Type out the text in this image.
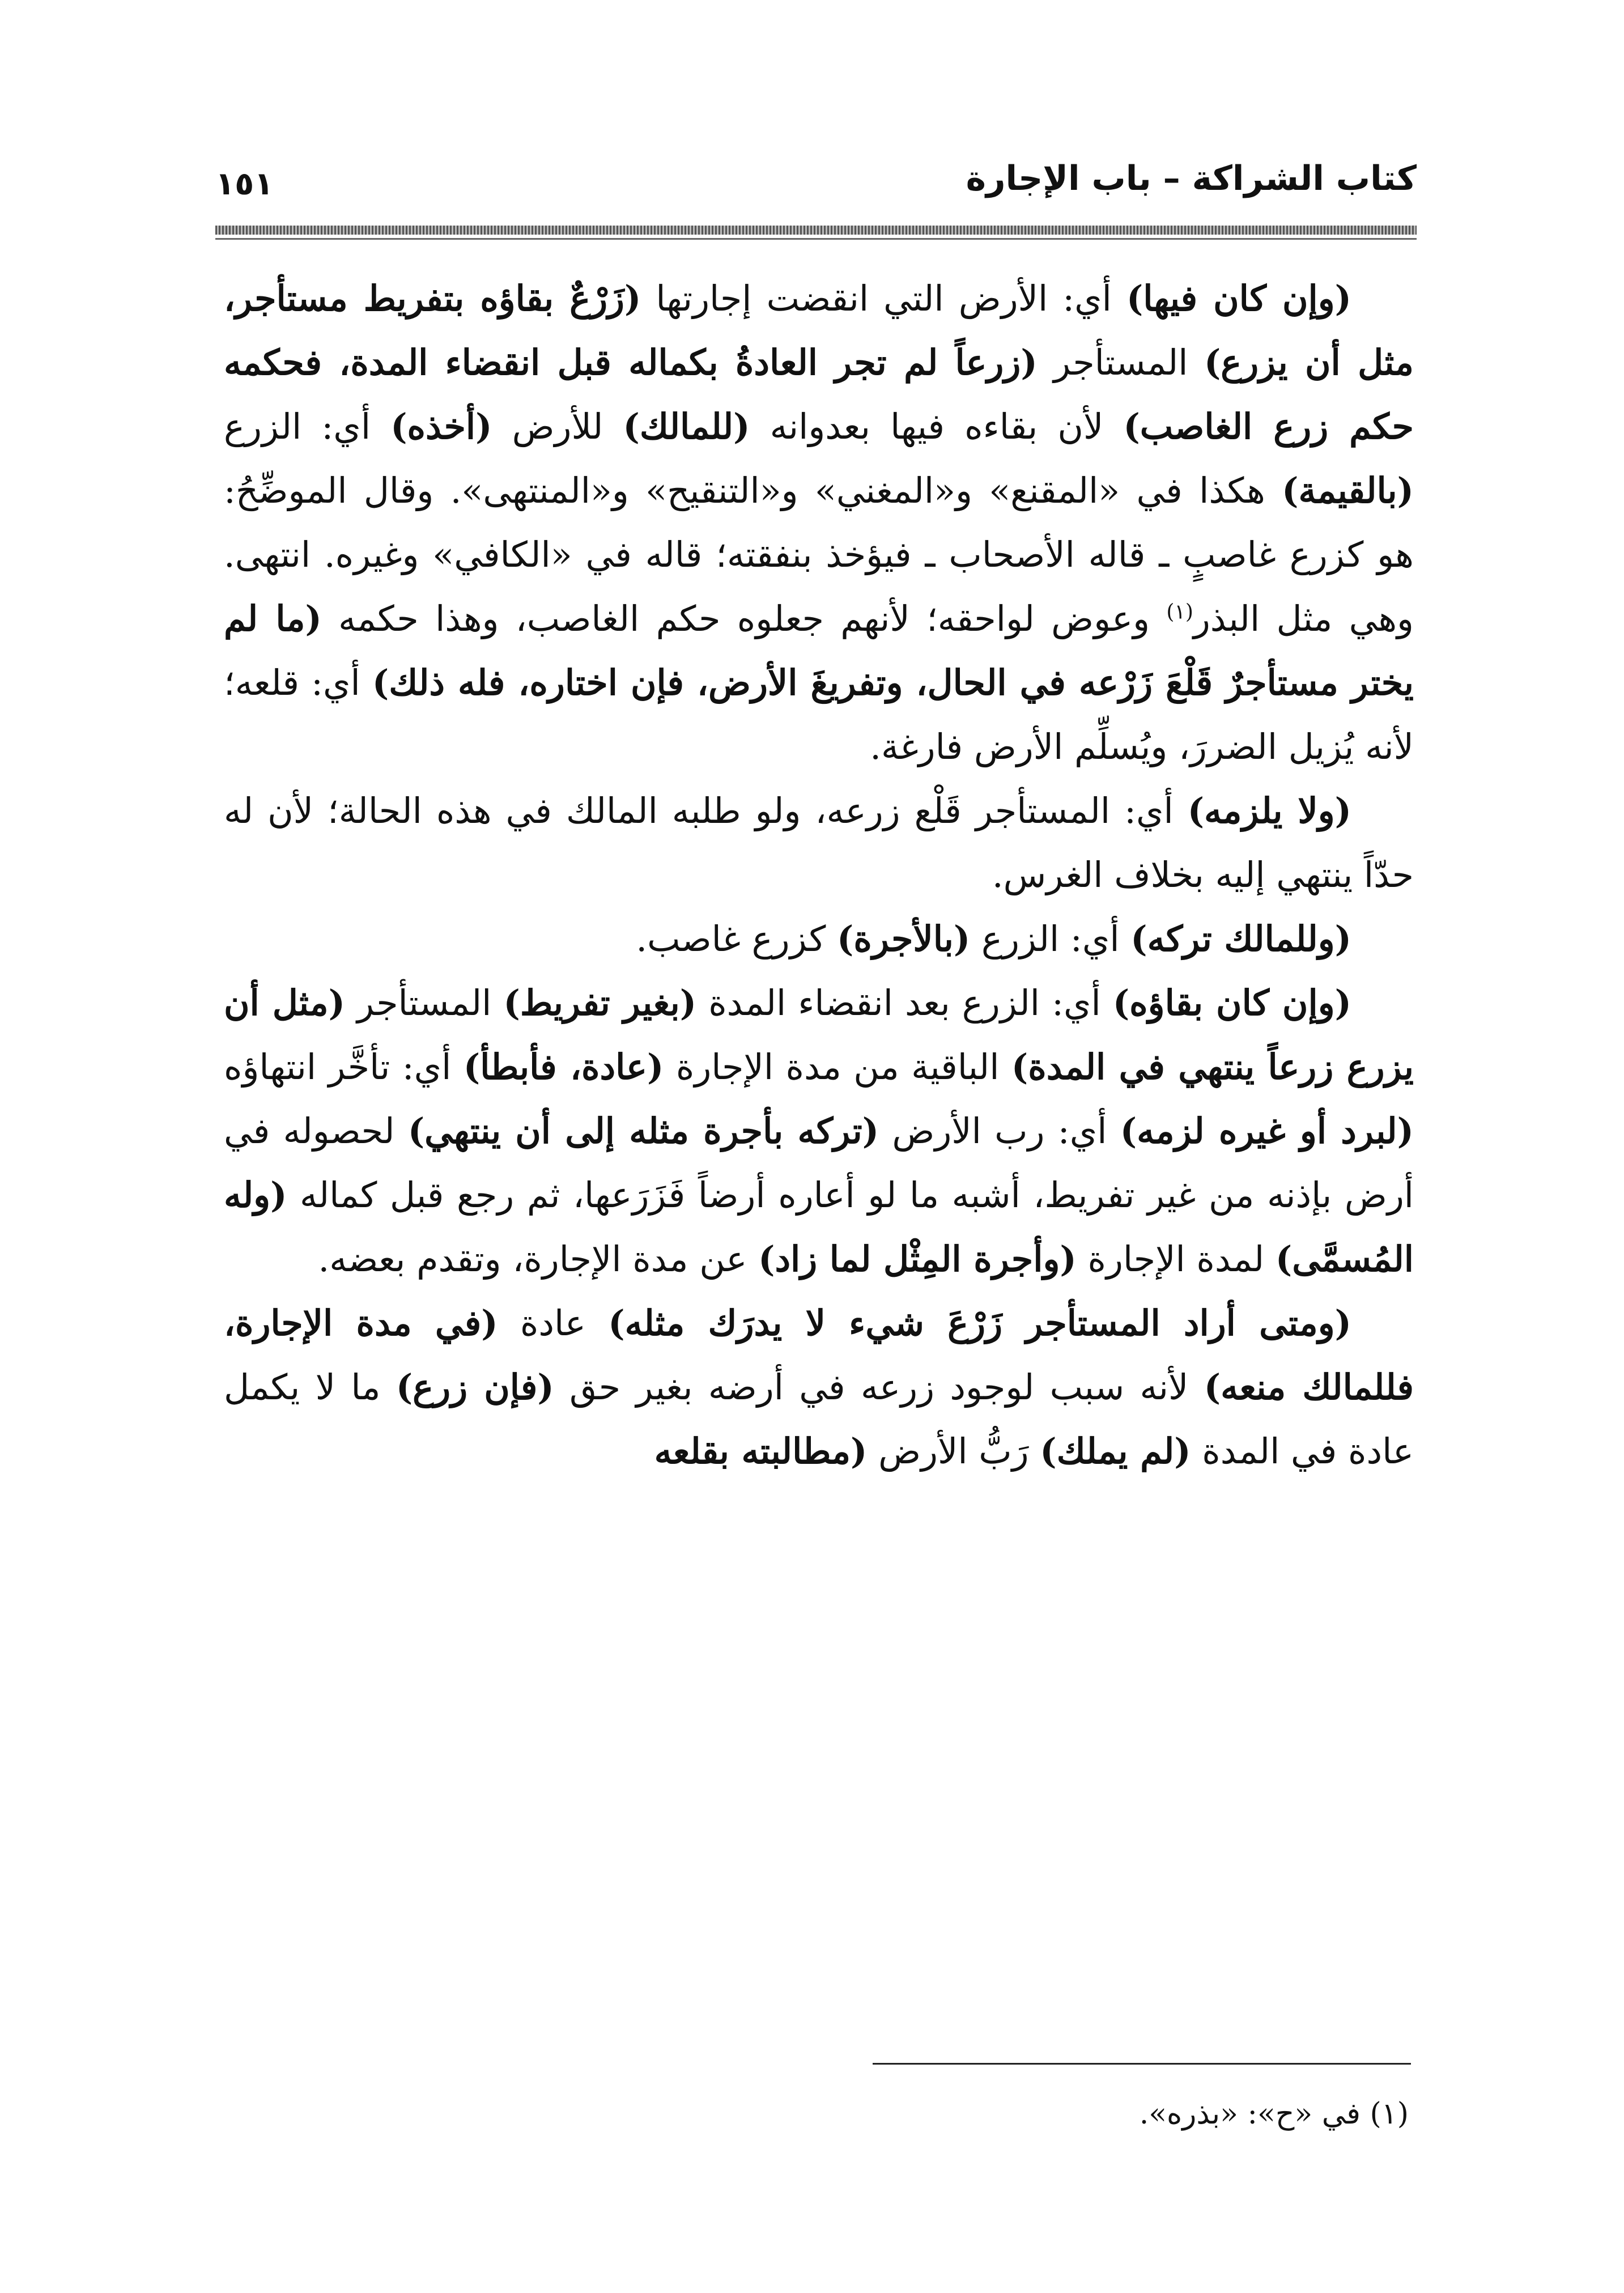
كتاب الشراكة – باب الإجارة
١٥١

(وإن كان فيها) أي: الأرض التي انقضت إجارتها (زَرْعٌ بقاؤه بتفريط مستأجر، مثل أن يزرع) المستأجر (زرعاً لم تجر العادةُ بكماله قبل انقضاء المدة، فحكمه حكم زرع الغاصب) لأن بقاءه فيها بعدوانه (للمالك) للأرض (أخذه) أي: الزرع (بالقيمة) هكذا في «المقنع» و«المغني» و«التنقيح» و«المنتهى». وقال الموضِّحُ: هو كزرع غاصبٍ ـ قاله الأصحاب ـ فيؤخذ بنفقته؛ قاله في «الكافي» وغيره. انتهى. وهي مثل البذر$^{(١)}$ وعوض لواحقه؛ لأنهم جعلوه حكم الغاصب، وهذا حكمه (ما لم يختر مستأجرٌ قَلْعَ زَرْعه في الحال، وتفريغَ الأرض، فإن اختاره، فله ذلك) أي: قلعه؛ لأنه يُزيل الضررَ، ويُسلِّم الأرض فارغة.

(ولا يلزمه) أي: المستأجر قَلْع زرعه، ولو طلبه المالك في هذه الحالة؛ لأن له حدّاً ينتهي إليه بخلاف الغرس.

(وللمالك تركه) أي: الزرع (بالأجرة) كزرع غاصب.

(وإن كان بقاؤه) أي: الزرع بعد انقضاء المدة (بغير تفريط) المستأجر (مثل أن يزرع زرعاً ينتهي في المدة) الباقية من مدة الإجارة (عادة، فأبطأ) أي: تأخَّر انتهاؤه (لبرد أو غيره لزمه) أي: رب الأرض (تركه بأجرة مثله إلى أن ينتهي) لحصوله في أرض بإذنه من غير تفريط، أشبه ما لو أعاره أرضاً فَزَرَعها، ثم رجع قبل كماله (وله المُسمَّى) لمدة الإجارة (وأجرة المِثْل لما زاد) عن مدة الإجارة، وتقدم بعضه.

(ومتى أراد المستأجر زَرْعَ شيء لا يدرَك مثله) عادة (في مدة الإجارة، فللمالك منعه) لأنه سبب لوجود زرعه في أرضه بغير حق (فإن زرع) ما لا يكمل عادة في المدة (لم يملك) رَبُّ الأرض (مطالبته بقلعه

(١) في «ح»: «بذره».
